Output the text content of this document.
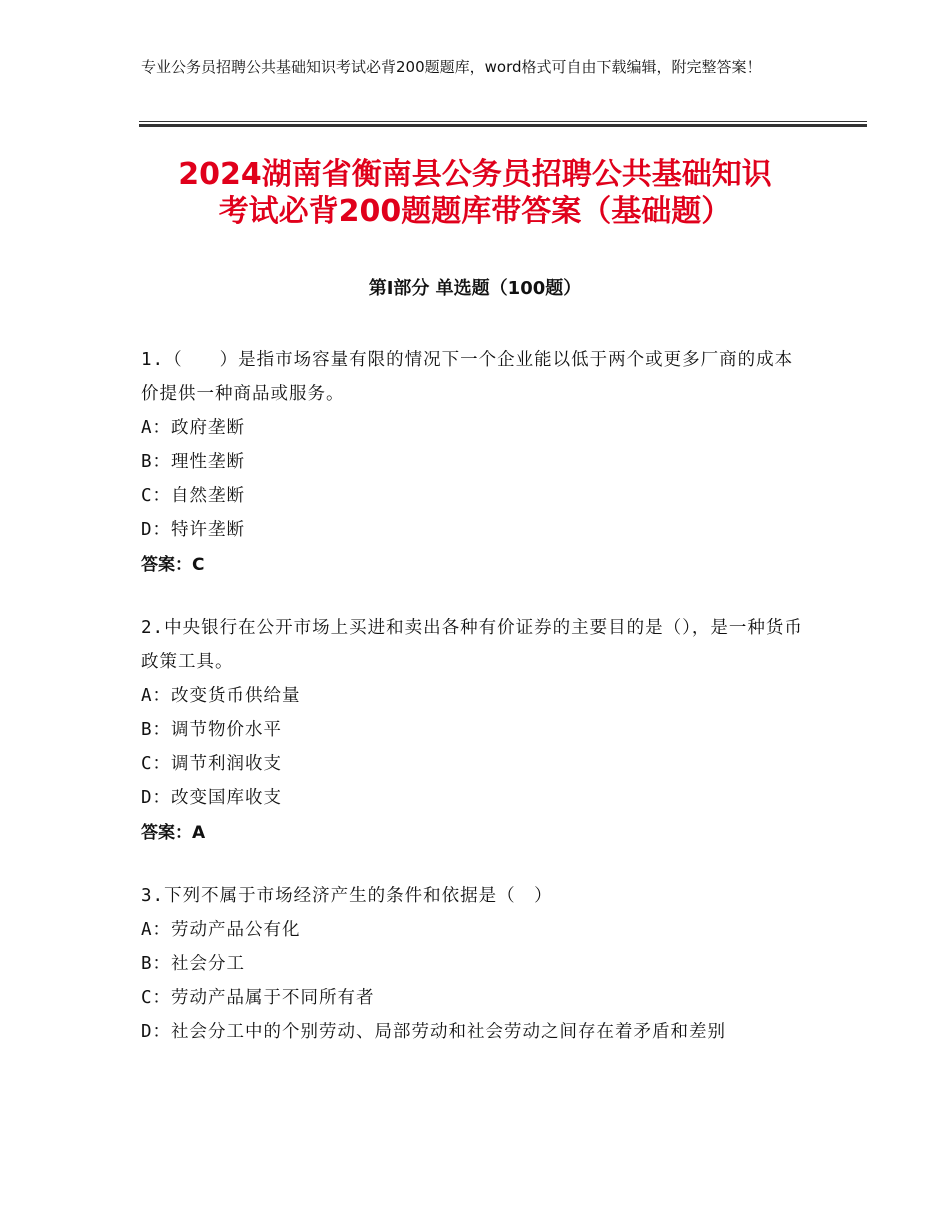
专业公务员招聘公共基础知识考试必背200题题库，word格式可自由下载编辑，附完整答案！
2024湖南省衡南县公务员招聘公共基础知识
考试必背200题题库带答案（基础题）
第Ⅰ部分 单选题（100题）
1.（　　）是指市场容量有限的情况下一个企业能以低于两个或更多厂商的成本价提供一种商品或服务。
A：政府垄断
B：理性垄断
C：自然垄断
D：特许垄断
答案：C
2.中央银行在公开市场上买进和卖出各种有价证券的主要目的是（），是一种货币政策工具。
A：改变货币供给量
B：调节物价水平
C：调节利润收支
D：改变国库收支
答案：A
3.下列不属于市场经济产生的条件和依据是（　）
A：劳动产品公有化
B：社会分工
C：劳动产品属于不同所有者
D：社会分工中的个别劳动、局部劳动和社会劳动之间存在着矛盾和差别
